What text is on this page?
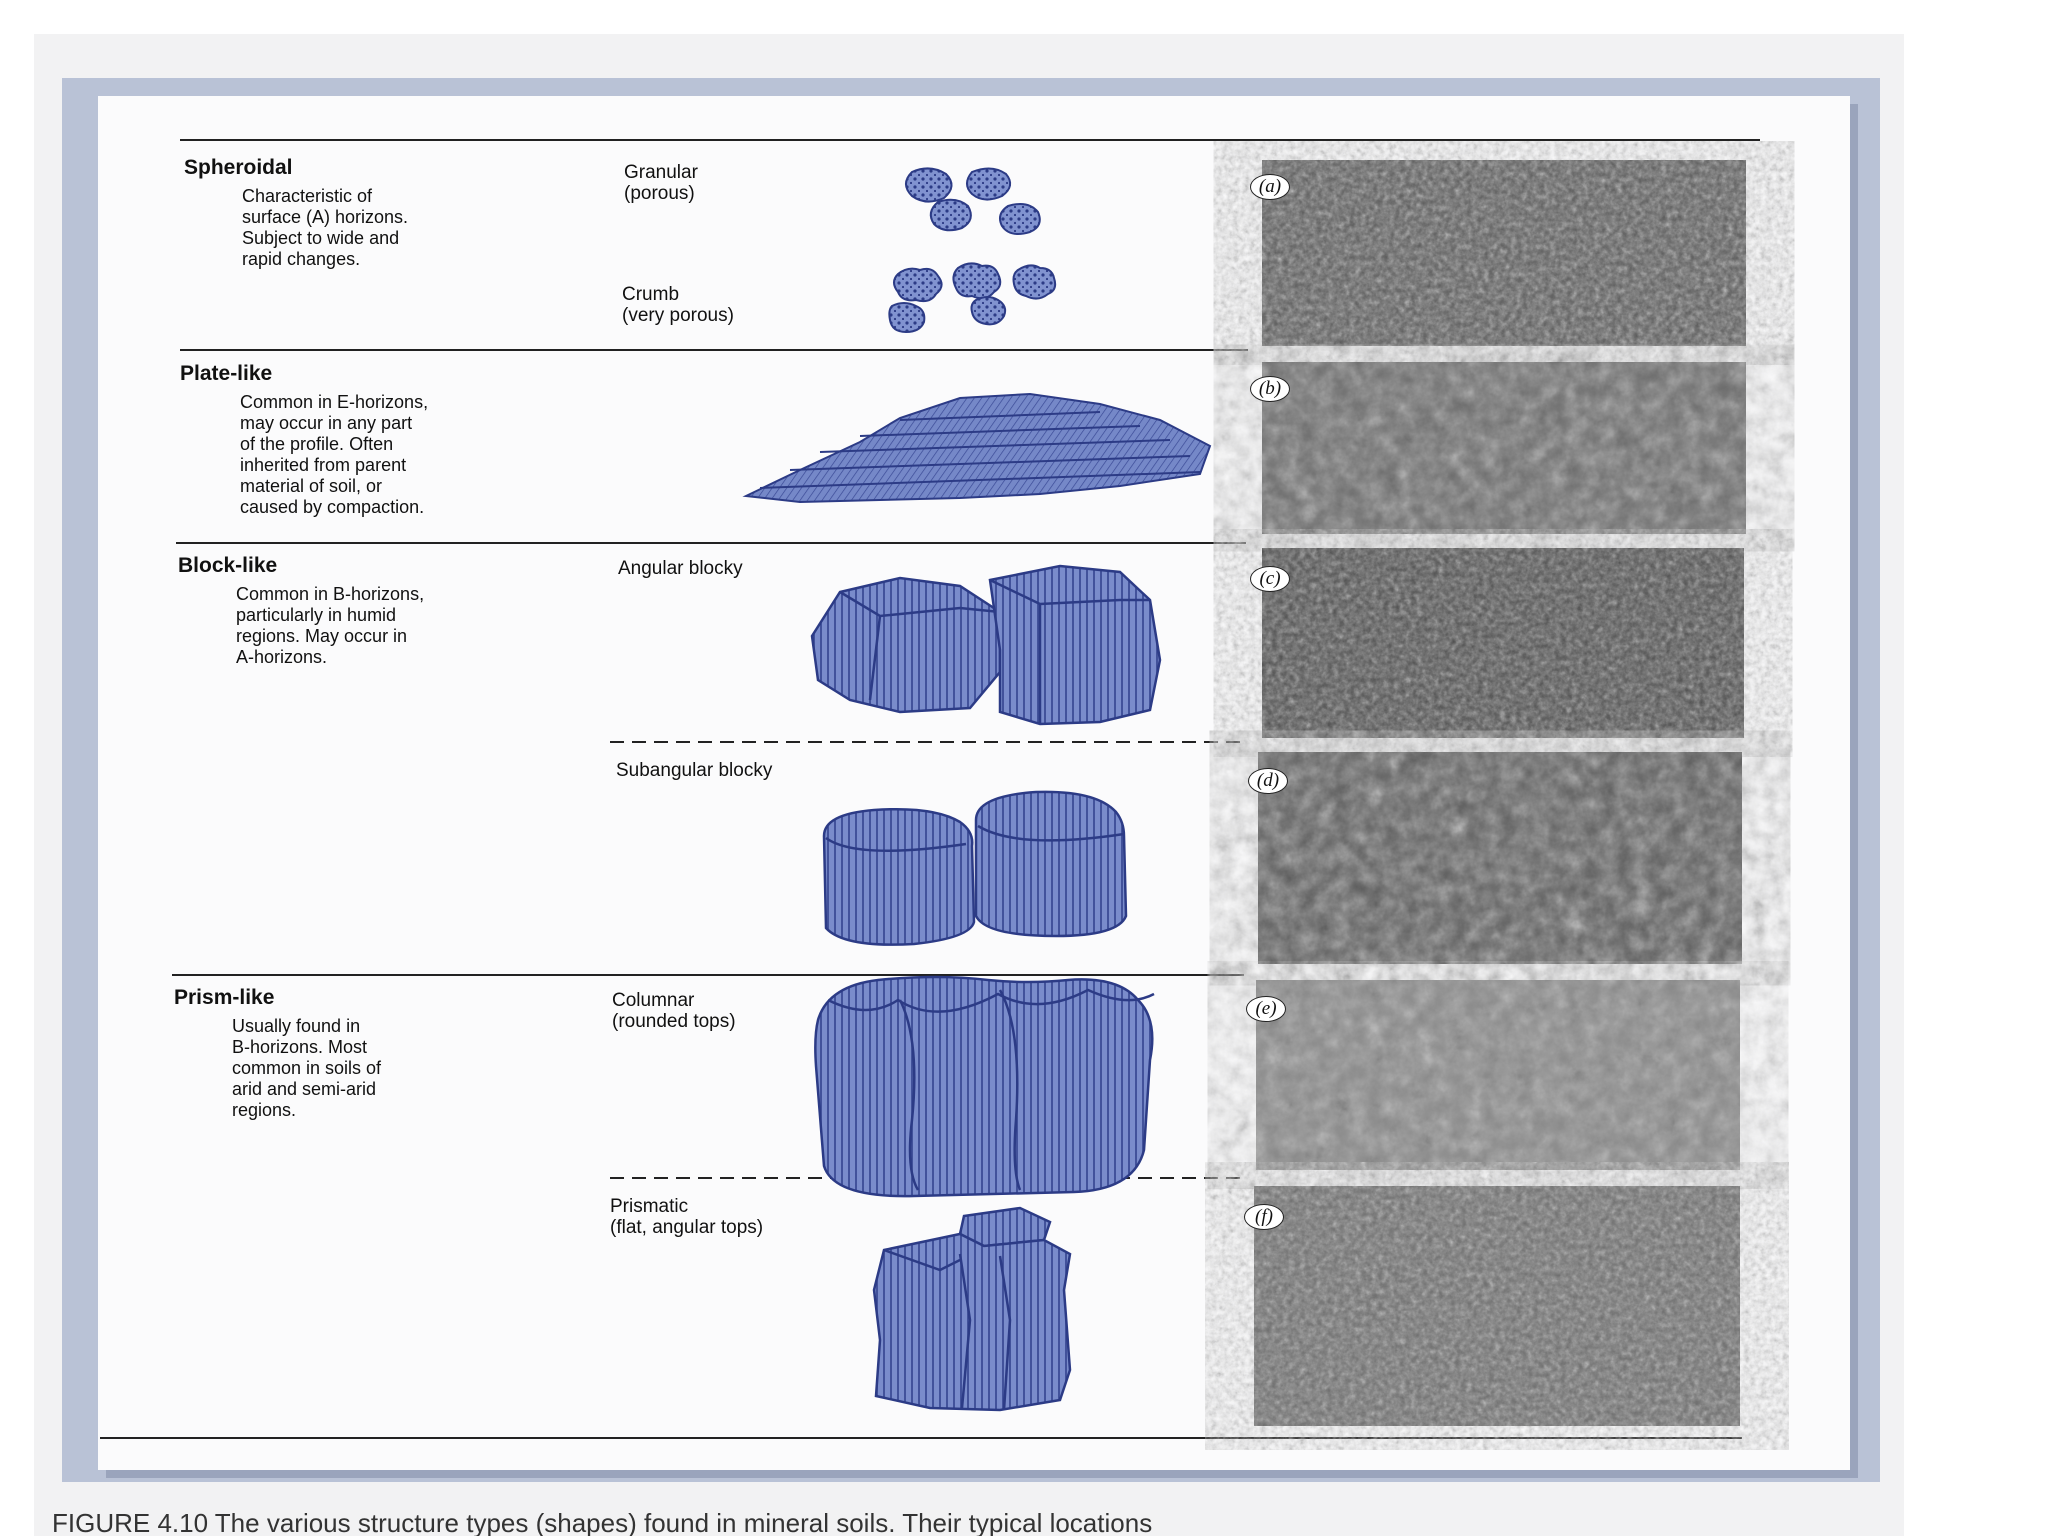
Spheroidal
Characteristic of
surface (A) horizons.
Subject to wide and
rapid changes.
Plate-like
Common in E-horizons,
may occur in any part
of the profile. Often
inherited from parent
material of soil, or
caused by compaction.
Block-like
Common in B-horizons,
particularly in humid
regions. May occur in
A-horizons.
Prism-like
Usually found in
B-horizons. Most
common in soils of
arid and semi-arid
regions.
Granular
(porous)
Crumb
(very porous)
Angular blocky
Subangular blocky
Columnar
(rounded tops)
Prismatic
(flat, angular tops)
(a)
(b)
(c)
(d)
(e)
(f)
FIGURE 4.10 The various structure types (shapes) found in mineral soils. Their typical locations
